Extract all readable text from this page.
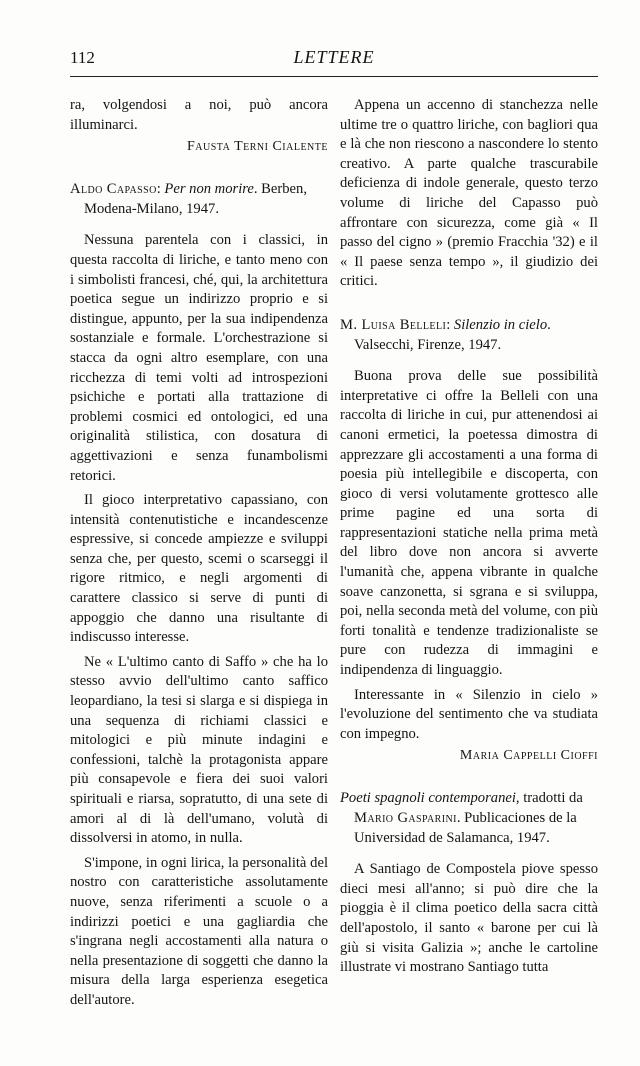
112	LETTERE

ra, volgendosi a noi, può ancora illuminarci.

Fausta Terni Cialente

Aldo Capasso: Per non morire. Berben, Modena-Milano, 1947.

Nessuna parentela con i classici, in questa raccolta di liriche, e tanto meno con i simbolisti francesi, ché, qui, la architettura poetica segue un indirizzo proprio e si distingue, appunto, per la sua indipendenza sostanziale e formale. L'orchestrazione si stacca da ogni altro esemplare, con una ricchezza di temi volti ad introspezioni psichiche e portati alla trattazione di problemi cosmici ed ontologici, ed una originalità stilistica, con dosatura di aggettivazioni e senza funambolismi retorici.

Il gioco interpretativo capassiano, con intensità contenutistiche e incandescenze espressive, si concede ampiezze e sviluppi senza che, per questo, scemi o scarseggi il rigore ritmico, e negli argomenti di carattere classico si serve di punti di appoggio che danno una risultante di indiscusso interesse.

Ne « L'ultimo canto di Saffo » che ha lo stesso avvio dell'ultimo canto saffico leopardiano, la tesi si slarga e si dispiega in una sequenza di richiami classici e mitologici e più minute indagini e confessioni, talchè la protagonista appare più consapevole e fiera dei suoi valori spirituali e riarsa, sopratutto, di una sete di amori al di là dell'umano, volutà di dissolversi in atomo, in nulla.

S'impone, in ogni lirica, la personalità del nostro con caratteristiche assolutamente nuove, senza riferimenti a scuole o a indirizzi poetici e una gagliardia che s'ingrana negli accostamenti alla natura o nella presentazione di soggetti che danno la misura della larga esperienza esegetica dell'autore.

Appena un accenno di stanchezza nelle ultime tre o quattro liriche, con bagliori qua e là che non riescono a nascondere lo stento creativo. A parte qualche trascurabile deficienza di indole generale, questo terzo volume di liriche del Capasso può affrontare con sicurezza, come già « Il passo del cigno » (premio Fracchia '32) e il « Il paese senza tempo », il giudizio dei critici.

M. Luisa Belleli: Silenzio in cielo. Valsecchi, Firenze, 1947.

Buona prova delle sue possibilità interpretative ci offre la Belleli con una raccolta di liriche in cui, pur attenendosi ai canoni ermetici, la poetessa dimostra di apprezzare gli accostamenti a una forma di poesia più intellegibile e discoperta, con gioco di versi volutamente grottesco alle prime pagine ed una sorta di rappresentazioni statiche nella prima metà del libro dove non ancora si avverte l'umanità che, appena vibrante in qualche soave canzonetta, si sgrana e si sviluppa, poi, nella seconda metà del volume, con più forti tonalità e tendenze tradizionaliste se pure con rudezza di immagini e indipendenza di linguaggio.

Interessante in « Silenzio in cielo » l'evoluzione del sentimento che va studiata con impegno.

Maria Cappelli Cioffi

Poeti spagnoli contemporanei, tradotti da Mario Gasparini. Publicaciones de la Universidad de Salamanca, 1947.

A Santiago de Compostela piove spesso dieci mesi all'anno; si può dire che la pioggia è il clima poetico della sacra città dell'apostolo, il santo « barone per cui là giù si visita Galizia »; anche le cartoline illustrate vi mostrano Santiago tutta
